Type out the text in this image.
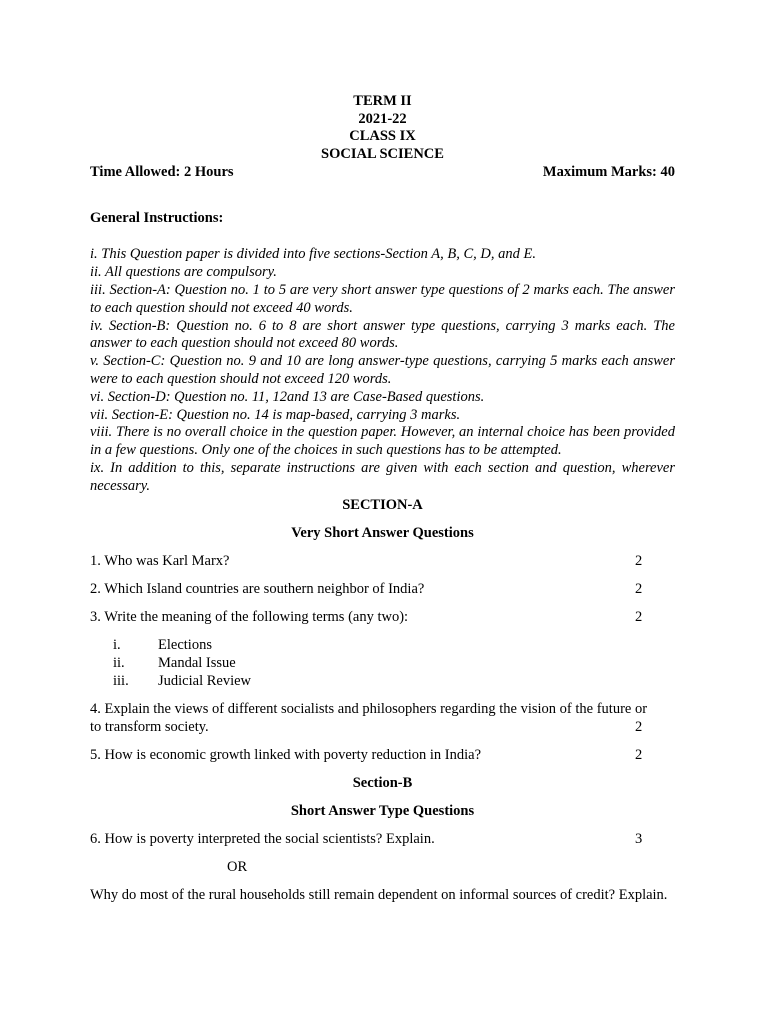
TERM II
2021-22
CLASS IX
SOCIAL SCIENCE
Time Allowed: 2 Hours	Maximum Marks: 40
General Instructions:
i. This Question paper is divided into five sections-Section A, B, C, D, and E.
ii. All questions are compulsory.
iii. Section-A: Question no. 1 to 5 are very short answer type questions of 2 marks each. The answer to each question should not exceed 40 words.
iv. Section-B: Question no. 6 to 8 are short answer type questions, carrying 3 marks each. The answer to each question should not exceed 80 words.
v. Section-C: Question no. 9 and 10 are long answer-type questions, carrying 5 marks each answer were to each question should not exceed 120 words.
vi. Section-D: Question no. 11, 12and 13 are Case-Based questions.
vii. Section-E: Question no. 14 is map-based, carrying 3 marks.
viii. There is no overall choice in the question paper. However, an internal choice has been provided in a few questions. Only one of the choices in such questions has to be attempted.
ix. In addition to this, separate instructions are given with each section and question, wherever necessary.
SECTION-A
Very Short Answer Questions
1. Who was Karl Marx?	2
2. Which Island countries are southern neighbor of India?	2
3. Write the meaning of the following terms (any two):	2
i.	Elections
ii.	Mandal Issue
iii.	Judicial Review
4. Explain the views of different socialists and philosophers regarding the vision of the future or
to transform society.	2
5. How is economic growth linked with poverty reduction in India?	2
Section-B
Short Answer Type Questions
6. How is poverty interpreted the social scientists? Explain.	3
OR
Why do most of the rural households still remain dependent on informal sources of credit? Explain.
